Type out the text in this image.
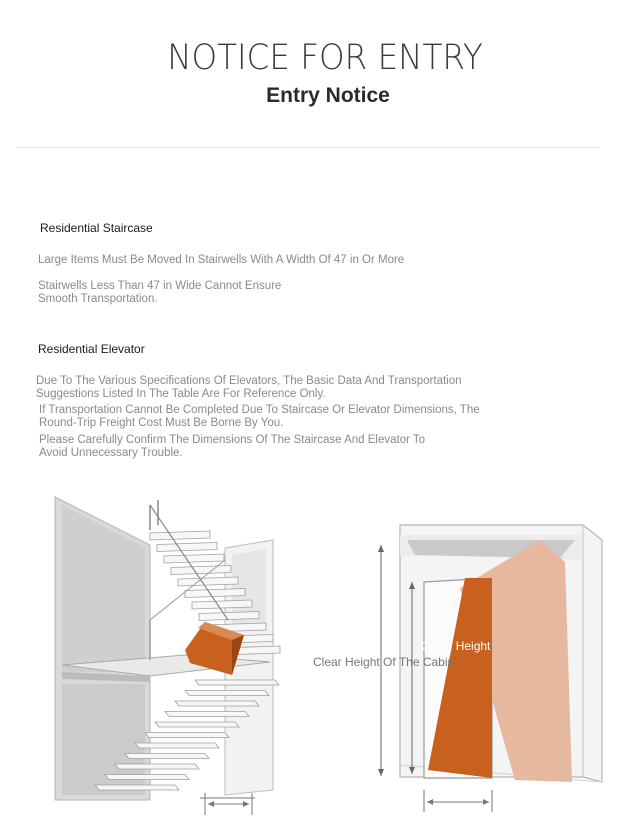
NOTICE FOR ENTRY
Entry Notice
Residential Staircase
Large Items Must Be Moved In Stairwells With A Width Of 47 in Or More
Stairwells Less Than 47 in Wide Cannot Ensure
Smooth Transportation.
Residential Elevator
Due To The Various Specifications Of Elevators, The Basic Data And Transportation
Suggestions Listed In The Table Are For Reference Only.
If Transportation Cannot Be Completed Due To Staircase Or Elevator Dimensions, The
Round-Trip Freight Cost Must Be Borne By You.
Please Carefully Confirm The Dimensions Of The Staircase And Elevator To
Avoid Unnecessary Trouble.
Cabin Height
Clear Height Of The Cabin
